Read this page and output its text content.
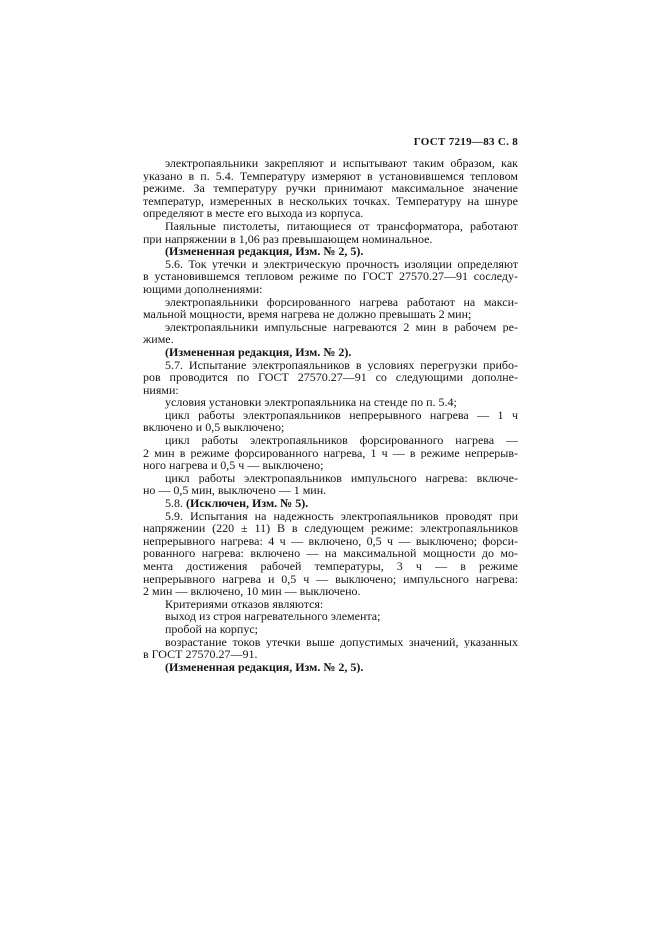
ГОСТ 7219—83 С. 8
электропаяльники закрепляют и испытывают таким образом, как
указано в п. 5.4. Температуру измеряют в установившемся тепловом
режиме. За температуру ручки принимают максимальное значение
температур, измеренных в нескольких точках. Температуру на шнуре
определяют в месте его выхода из корпуса.
Паяльные пистолеты, питающиеся от трансформатора, работают
при напряжении в 1,06 раз превышающем номинальное.
(Измененная редакция, Изм. № 2, 5).
5.6. Ток утечки и электрическую прочность изоляции определяют
в установившемся тепловом режиме по ГОСТ 27570.27—91 соследу-
ющими дополнениями:
электропаяльники форсированного нагрева работают на макси-
мальной мощности, время нагрева не должно превышать 2 мин;
электропаяльники импульсные нагреваются 2 мин в рабочем ре-
жиме.
(Измененная редакция, Изм. № 2).
5.7. Испытание электропаяльников в условиях перегрузки прибо-
ров проводится по ГОСТ 27570.27—91 со следующими дополне-
ниями:
условия установки электропаяльника на стенде по п. 5.4;
цикл работы электропаяльников непрерывного нагрева — 1 ч
включено и 0,5 выключено;
цикл работы электропаяльников форсированного нагрева —
2 мин в режиме форсированного нагрева, 1 ч — в режиме непрерыв-
ного нагрева и 0,5 ч — выключено;
цикл работы электропаяльников импульсного нагрева: включе-
но — 0,5 мин, выключено — 1 мин.
5.8. (Исключен, Изм. № 5).
5.9. Испытания на надежность электропаяльников проводят при
напряжении (220 ± 11) В в следующем режиме: электропаяльников
непрерывного нагрева: 4 ч — включено, 0,5 ч — выключено; форси-
рованного нагрева: включено — на максимальной мощности до мо-
мента достижения рабочей температуры, 3 ч — в режиме
непрерывного нагрева и 0,5 ч — выключено; импульсного нагрева:
2 мин — включено, 10 мин — выключено.
Критериями отказов являются:
выход из строя нагревательного элемента;
пробой на корпус;
возрастание токов утечки выше допустимых значений, указанных
в ГОСТ 27570.27—91.
(Измененная редакция, Изм. № 2, 5).
